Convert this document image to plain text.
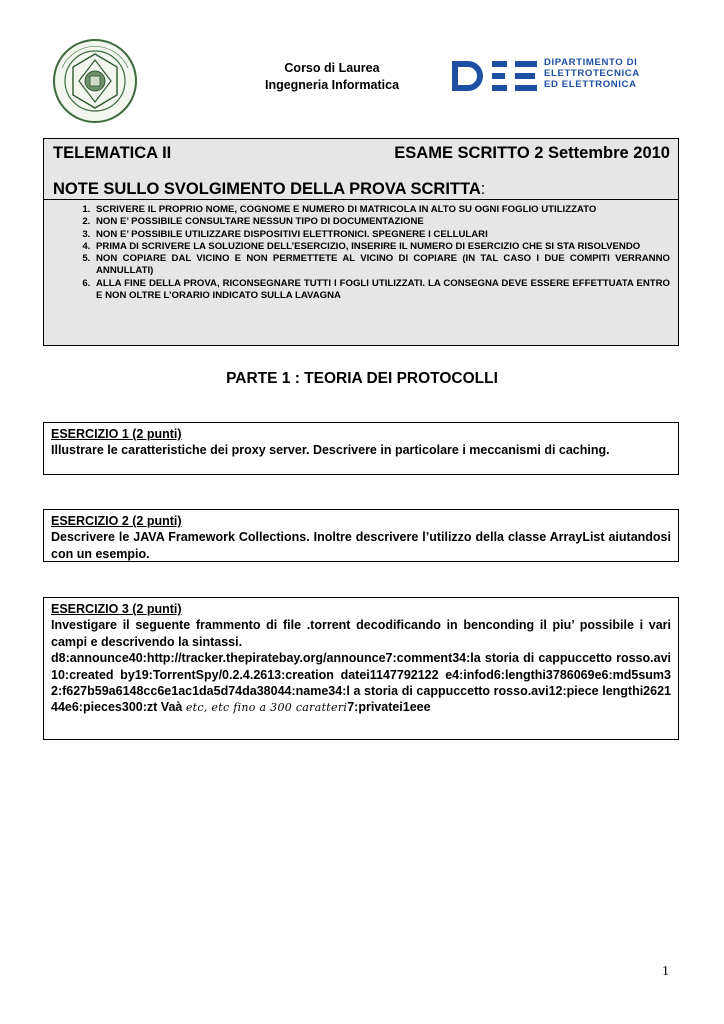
Corso di Laurea
Ingegneria Informatica
DIPARTIMENTO DI
ELETTROTECNICA
ED ELETTRONICA
TELEMATICA II	ESAME SCRITTO 2 Settembre 2010
NOTE SULLO SVOLGIMENTO DELLA PROVA SCRITTA:
1. SCRIVERE IL PROPRIO NOME, COGNOME E NUMERO DI MATRICOLA IN ALTO SU OGNI FOGLIO UTILIZZATO
2. NON E’ POSSIBILE CONSULTARE NESSUN TIPO DI DOCUMENTAZIONE
3. NON E’ POSSIBILE UTILIZZARE DISPOSITIVI ELETTRONICI. SPEGNERE I CELLULARI
4. PRIMA DI SCRIVERE LA SOLUZIONE DELL’ESERCIZIO, INSERIRE IL NUMERO DI ESERCIZIO CHE SI STA RISOLVENDO
5. NON COPIARE DAL VICINO E NON PERMETTETE AL VICINO DI COPIARE (IN TAL CASO I DUE COMPITI VERRANNO ANNULLATI)
6. ALLA FINE DELLA PROVA, RICONSEGNARE TUTTI I FOGLI UTILIZZATI. LA CONSEGNA DEVE ESSERE EFFETTUATA ENTRO E NON OLTRE L’ORARIO INDICATO SULLA LAVAGNA
PARTE 1 : TEORIA DEI PROTOCOLLI
ESERCIZIO 1 (2 punti)
Illustrare le caratteristiche dei proxy server. Descrivere in particolare i meccanismi di caching.
ESERCIZIO 2 (2 punti)
Descrivere le JAVA Framework Collections. Inoltre descrivere l’utilizzo della classe ArrayList aiutandosi con un esempio.
ESERCIZIO 3 (2 punti)
Investigare il seguente frammento di file .torrent decodificando in benconding il piu’ possibile i vari campi e descrivendo la sintassi.
d8:announce40:http://tracker.thepiratebay.org/announce7:comment34:la storia di cappuccetto rosso.avi10:created by19:TorrentSpy/0.2.4.2613:creation datei1147792122 e4:infod6:lengthi3786069e6:md5sum32:f627b59a6148cc6e1ac1da5d74da38044:name34:l a storia di cappuccetto rosso.avi12:piece lengthi262144e6:pieces300:zt Vaà etc, etc fino a 300 caratteri7:privatei1eee
1
